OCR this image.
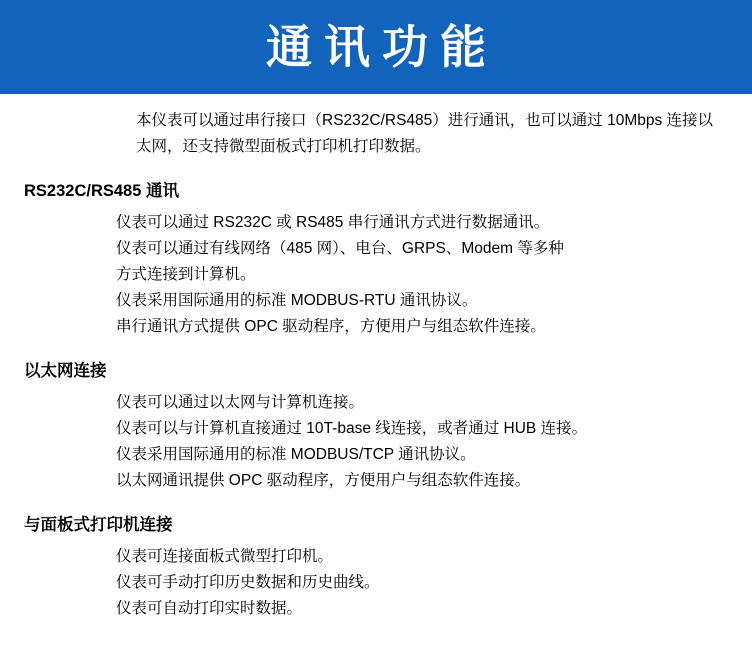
通讯功能

本仪表可以通过串行接口（RS232C/RS485）进行通讯，也可以通过 10Mbps 连接以太网，还支持微型面板式打印机打印数据。

RS232C/RS485 通讯

仪表可以通过 RS232C 或 RS485 串行通讯方式进行数据通讯。

仪表可以通过有线网络（485 网）、电台、GRPS、Modem 等多种

方式连接到计算机。

仪表采用国际通用的标准 MODBUS-RTU 通讯协议。

串行通讯方式提供 OPC 驱动程序，方便用户与组态软件连接。

以太网连接

仪表可以通过以太网与计算机连接。

仪表可以与计算机直接通过 10T-base 线连接，或者通过 HUB 连接。

仪表采用国际通用的标准 MODBUS/TCP 通讯协议。

以太网通讯提供 OPC 驱动程序，方便用户与组态软件连接。

与面板式打印机连接

仪表可连接面板式微型打印机。

仪表可手动打印历史数据和历史曲线。

仪表可自动打印实时数据。
